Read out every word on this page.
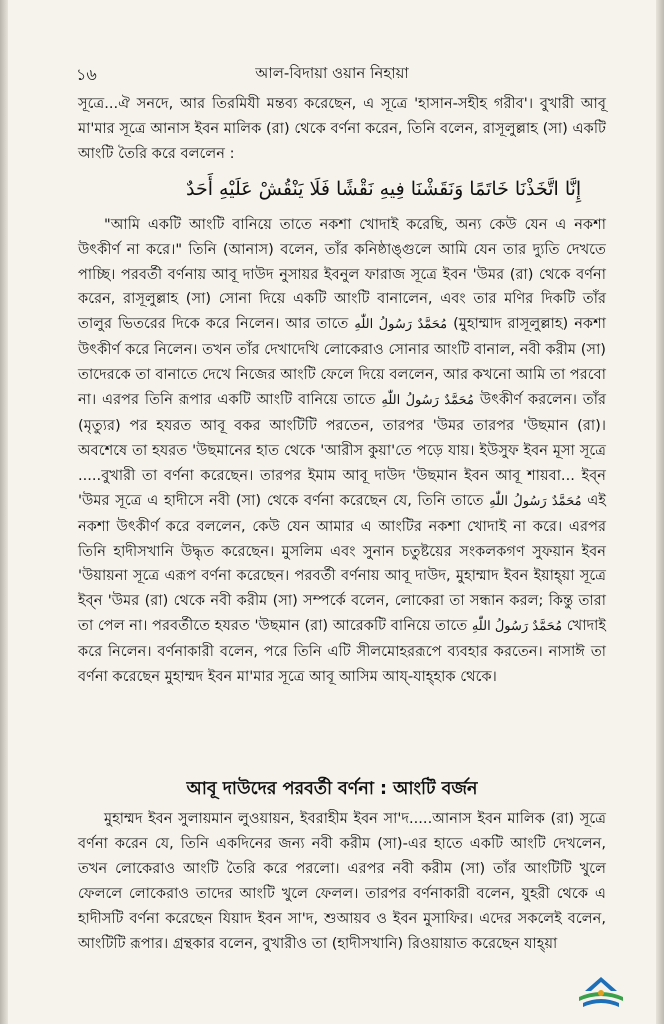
১৬	আল-বিদায়া ওয়ান নিহায়া

সূত্রে...ঐ সনদে, আর তিরমিযী মন্তব্য করেছেন, এ সূত্রে 'হাসান-সহীহ গরীব'। বুখারী আবূ মা'মার সূত্রে আনাস ইবন মালিক (রা) থেকে বর্ণনা করেন, তিনি বলেন, রাসূলুল্লাহ (সা) একটি আংটি তৈরি করে বললেন :

إِنَّا اتَّخَذْنَا خَاتَمًا وَنَقَشْنَا فِيهِ نَقْشًا فَلَا يَنْقُشْ عَلَيْهِ أَحَدٌ

"আমি একটি আংটি বানিয়ে তাতে নকশা খোদাই করেছি, অন্য কেউ যেন এ নকশা উৎকীর্ণ না করে।" তিনি (আনাস) বলেন, তাঁর কনিষ্ঠাঙ্গুলে আমি যেন তার দ্যুতি দেখতে পাচ্ছি। পরবর্তী বর্ণনায় আবূ দাউদ নুসায়র ইবনুল ফারাজ সূত্রে ইবন 'উমর (রা) থেকে বর্ণনা করেন, রাসূলুল্লাহ (সা) সোনা দিয়ে একটি আংটি বানালেন, এবং তার মণির দিকটি তাঁর তালুর ভিতরের দিকে করে নিলেন। আর তাতে مُحَمَّدٌ رَسُولُ اللّٰهِ (মুহাম্মাদ রাসূলুল্লাহ) নকশা উৎকীর্ণ করে নিলেন। তখন তাঁর দেখাদেখি লোকেরাও সোনার আংটি বানাল, নবী করীম (সা) তাদেরকে তা বানাতে দেখে নিজের আংটি ফেলে দিয়ে বললেন, আর কখনো আমি তা পরবো না। এরপর তিনি রূপার একটি আংটি বানিয়ে তাতে مُحَمَّدٌ رَسُولُ اللّٰهِ উৎকীর্ণ করলেন। তাঁর (মৃত্যুর) পর হযরত আবূ বকর আংটিটি পরতেন, তারপর 'উমর তারপর 'উছমান (রা)। অবশেষে তা হযরত 'উছমানের হাত থেকে 'আরীস কুয়া'তে পড়ে যায়। ইউসুফ ইবন মূসা সূত্রে .....বুখারী তা বর্ণনা করেছেন। তারপর ইমাম আবূ দাউদ 'উছমান ইবন আবূ শায়বা... ইব্‌ন 'উমর সূত্রে এ হাদীসে নবী (সা) থেকে বর্ণনা করেছেন যে, তিনি তাতে مُحَمَّدٌ رَسُولُ اللّٰهِ এই নকশা উৎকীর্ণ করে বললেন, কেউ যেন আমার এ আংটির নকশা খোদাই না করে। এরপর তিনি হাদীসখানি উদ্ধৃত করেছেন। মুসলিম এবং সুনান চতুষ্টয়ের সংকলকগণ সুফয়ান ইবন 'উয়ায়না সূত্রে এরূপ বর্ণনা করেছেন। পরবর্তী বর্ণনায় আবূ দাউদ, মুহাম্মাদ ইবন ইয়াহ্‌য়া সূত্রে ইব্‌ন 'উমর (রা) থেকে নবী করীম (সা) সম্পর্কে বলেন, লোকেরা তা সন্ধান করল; কিন্তু তারা তা পেল না। পরবর্তীতে হযরত 'উছমান (রা) আরেকটি বানিয়ে তাতে مُحَمَّدٌ رَسُولُ اللّٰهِ খোদাই করে নিলেন। বর্ণনাকারী বলেন, পরে তিনি এটি সীলমোহররূপে ব্যবহার করতেন। নাসাঈ তা বর্ণনা করেছেন মুহাম্মদ ইবন মা'মার সূত্রে আবূ আসিম আয্‌-যাহ্‌হাক থেকে।

আবূ দাউদের পরবর্তী বর্ণনা : আংটি বর্জন

মুহাম্মদ ইবন সুলায়মান লুওয়ায়ন, ইবরাহীম ইবন সা'দ.....আনাস ইবন মালিক (রা) সূত্রে বর্ণনা করেন যে, তিনি একদিনের জন্য নবী করীম (সা)-এর হাতে একটি আংটি দেখলেন, তখন লোকেরাও আংটি তৈরি করে পরলো। এরপর নবী করীম (সা) তাঁর আংটিটি খুলে ফেললে লোকেরাও তাদের আংটি খুলে ফেলল। তারপর বর্ণনাকারী বলেন, যুহরী থেকে এ হাদীসটি বর্ণনা করেছেন যিয়াদ ইবন সা'দ, শুআয়ব ও ইবন মুসাফির। এদের সকলেই বলেন, আংটিটি রূপার। গ্রন্থকার বলেন, বুখারীও তা (হাদীসখানি) রিওয়ায়াত করেছেন যাহ্‌য়া
